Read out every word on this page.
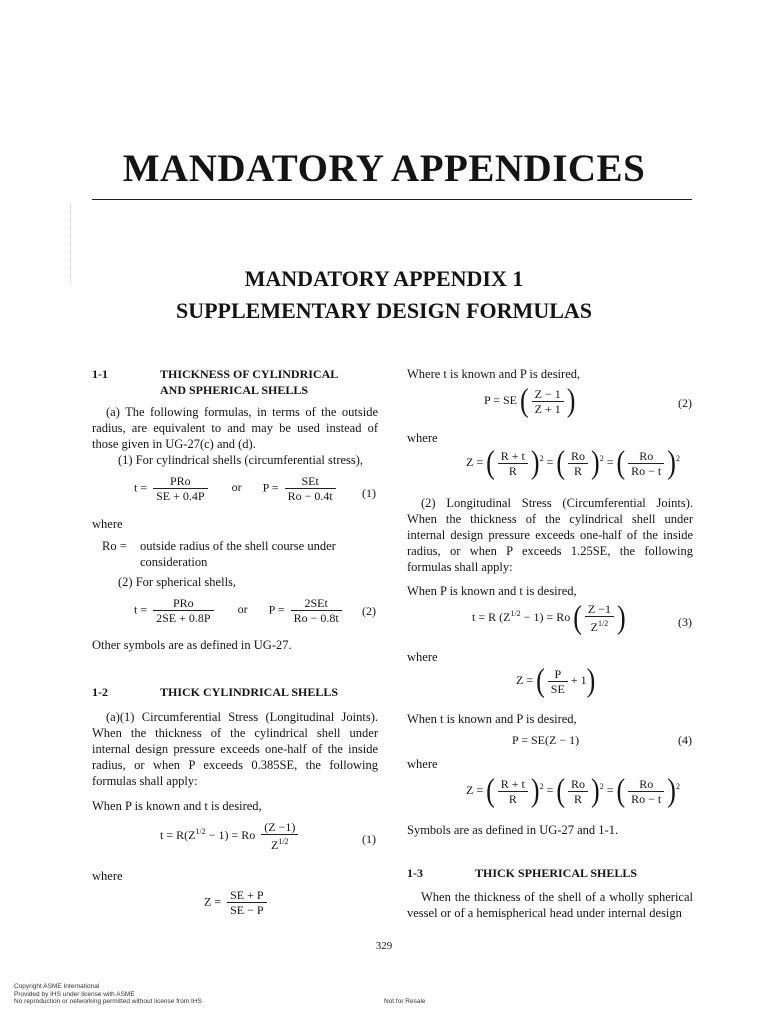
MANDATORY APPENDICES
MANDATORY APPENDIX 1
SUPPLEMENTARY DESIGN FORMULAS
1-1	THICKNESS OF CYLINDRICAL
AND SPHERICAL SHELLS
(a) The following formulas, in terms of the outside radius, are equivalent to and may be used instead of those given in UG-27(c) and (d).
(1) For cylindrical shells (circumferential stress),
$t = \frac{\text{PRo}}{SE + 0.4P}$ or $P = \frac{\text{SEt}}{Ro - 0.4t} (1)$
where
Ro = outside radius of the shell course under consideration
(2) For spherical shells,
$t = \frac{\text{PRo}}{2SE + 0.8P}$ or $P = \frac{\text{2SEt}}{Ro - 0.8t} (2)$
Other symbols are as defined in UG-27.
1-2	THICK CYLINDRICAL SHELLS
(a)(1) Circumferential Stress (Longitudinal Joints). When the thickness of the cylindrical shell under internal design pressure exceeds one-half of the inside radius, or when P exceeds 0.385SE, the following formulas shall apply:
When P is known and t is desired,
$t = R(Z^{1/2} - 1) = Ro \frac{(Z -1)}{Z^{1/2}}$	(1)
where
$Z = \frac{SE + P}{SE - P}$
Where t is known and P is desired,
P = SE ( $\frac{Z - 1}{Z + 1}$ )	(2)
where
Z = ( $\frac{R + t}{R} )^2$ = ( $\frac{Ro}{R} )^2$ = ( $\frac{Ro}{Ro - t} )^2$
(2) Longitudinal Stress (Circumferential Joints). When the thickness of the cylindrical shell under internal design pressure exceeds one-half of the inside radius, or when P exceeds 1.25SE, the following formulas shall apply:
When P is known and t is desired,
t = R $(Z^{1/2} - 1) = Ro$ ( $\frac{Z -1}{Z^{1/2}}$ )	(3)
where
Z = ( $\frac{P}{SE} + 1$)
When t is known and P is desired,
P = SE(Z − 1)	(4)
where
Z = ( $\frac{R + t}{R} )^2$ = ( $\frac{Ro}{R} )^2$ = ( $\frac{Ro}{Ro - t} )^2$
Symbols are as defined in UG-27 and 1-1.
1-3	THICK SPHERICAL SHELLS
When the thickness of the shell of a wholly spherical vessel or of a hemispherical head under internal design
329
Copyright ASME International
Provided by IHS under license with ASME
No reproduction or networking permitted without license from IHS	Not for Resale
